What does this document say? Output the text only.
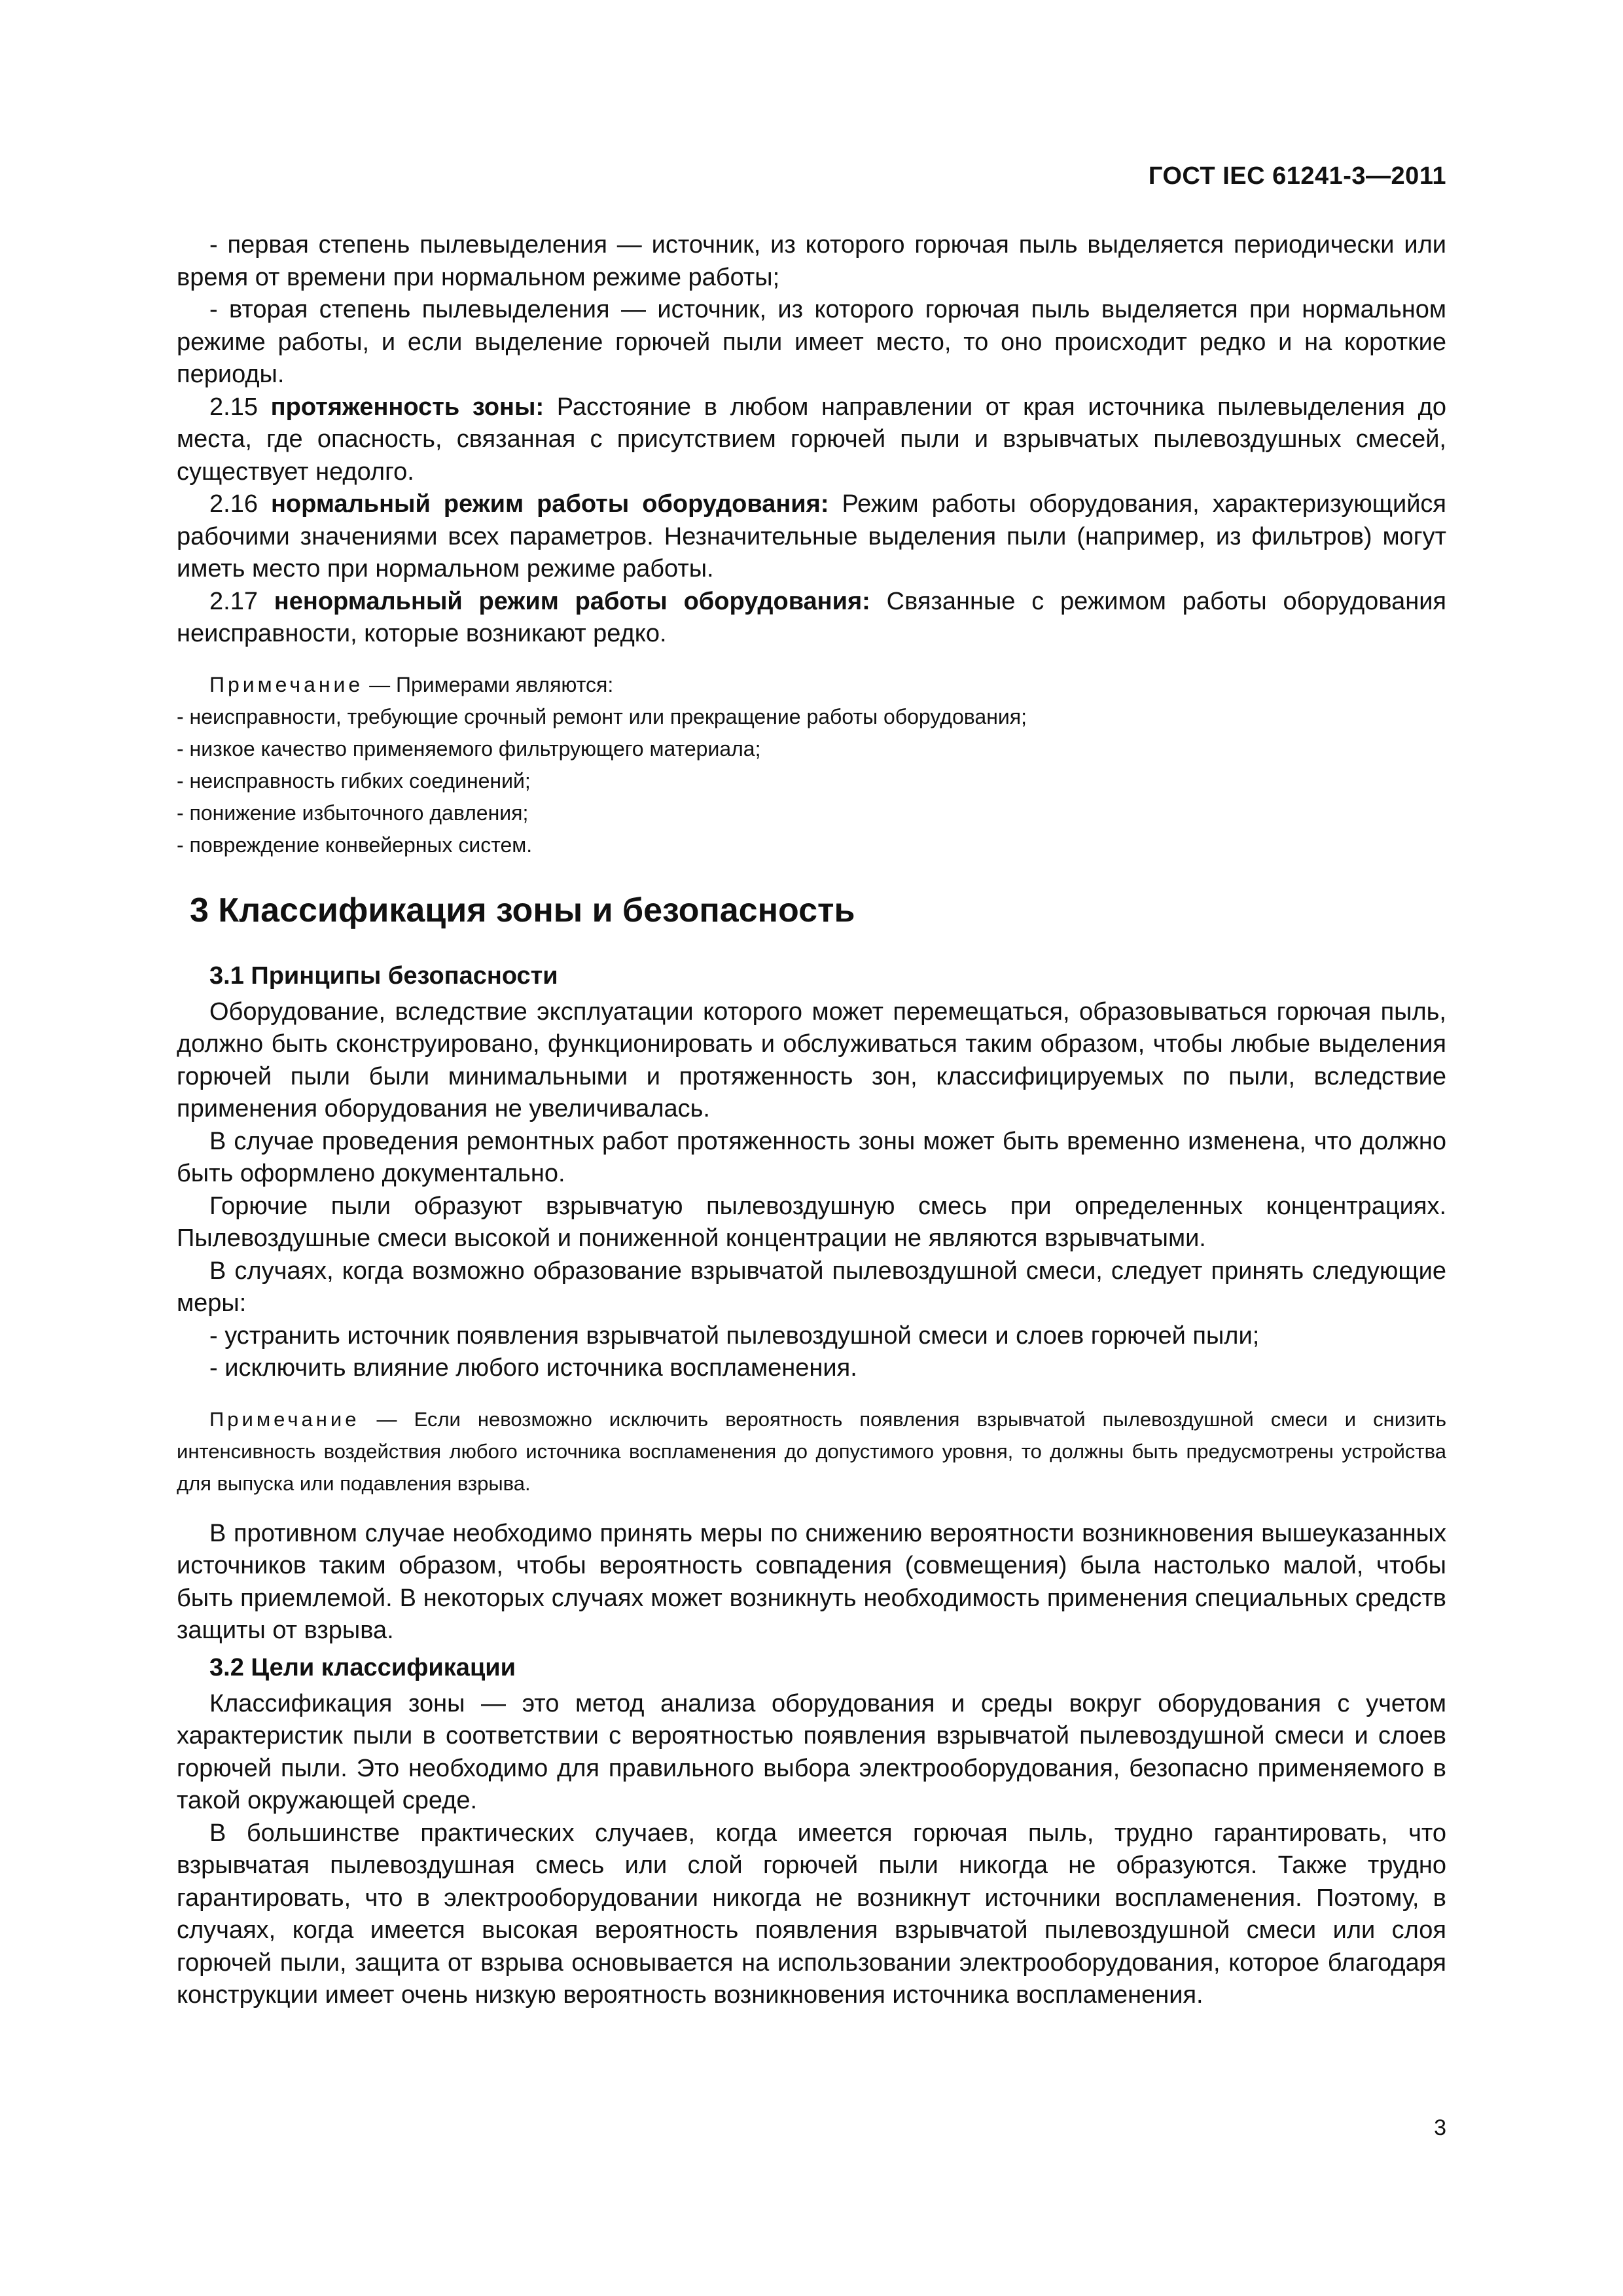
ГОСТ IEC 61241-3—2011

- первая степень пылевыделения — источник, из которого горючая пыль выделяется периодически или время от времени при нормальном режиме работы;

- вторая степень пылевыделения — источник, из которого горючая пыль выделяется при нормальном режиме работы, и если выделение горючей пыли имеет место, то оно происходит редко и на короткие периоды.

2.15 протяженность зоны: Расстояние в любом направлении от края источника пылевыделения до места, где опасность, связанная с присутствием горючей пыли и взрывчатых пылевоздушных смесей, существует недолго.

2.16 нормальный режим работы оборудования: Режим работы оборудования, характеризующийся рабочими значениями всех параметров. Незначительные выделения пыли (например, из фильтров) могут иметь место при нормальном режиме работы.

2.17 ненормальный режим работы оборудования: Связанные с режимом работы оборудования неисправности, которые возникают редко.

Примечание — Примерами являются:

- неисправности, требующие срочный ремонт или прекращение работы оборудования;

- низкое качество применяемого фильтрующего материала;

- неисправность гибких соединений;

- понижение избыточного давления;

- повреждение конвейерных систем.

3 Классификация зоны и безопасность
3.1 Принципы безопасности

Оборудование, вследствие эксплуатации которого может перемещаться, образовываться горючая пыль, должно быть сконструировано, функционировать и обслуживаться таким образом, чтобы любые выделения горючей пыли были минимальными и протяженность зон, классифицируемых по пыли, вследствие применения оборудования не увеличивалась.

В случае проведения ремонтных работ протяженность зоны может быть временно изменена, что должно быть оформлено документально.

Горючие пыли образуют взрывчатую пылевоздушную смесь при определенных концентрациях. Пылевоздушные смеси высокой и пониженной концентрации не являются взрывчатыми.

В случаях, когда возможно образование взрывчатой пылевоздушной смеси, следует принять следующие меры:

- устранить источник появления взрывчатой пылевоздушной смеси и слоев горючей пыли;

- исключить влияние любого источника воспламенения.

Примечание — Если невозможно исключить вероятность появления взрывчатой пылевоздушной смеси и снизить интенсивность воздействия любого источника воспламенения до допустимого уровня, то должны быть предусмотрены устройства для выпуска или подавления взрыва.

В противном случае необходимо принять меры по снижению вероятности возникновения вышеуказанных источников таким образом, чтобы вероятность совпадения (совмещения) была настолько малой, чтобы быть приемлемой. В некоторых случаях может возникнуть необходимость применения специальных средств защиты от взрыва.

3.2 Цели классификации

Классификация зоны — это метод анализа оборудования и среды вокруг оборудования с учетом характеристик пыли в соответствии с вероятностью появления взрывчатой пылевоздушной смеси и слоев горючей пыли. Это необходимо для правильного выбора электрооборудования, безопасно применяемого в такой окружающей среде.

В большинстве практических случаев, когда имеется горючая пыль, трудно гарантировать, что взрывчатая пылевоздушная смесь или слой горючей пыли никогда не образуются. Также трудно гарантировать, что в электрооборудовании никогда не возникнут источники воспламенения. Поэтому, в случаях, когда имеется высокая вероятность появления взрывчатой пылевоздушной смеси или слоя горючей пыли, защита от взрыва основывается на использовании электрооборудования, которое благодаря конструкции имеет очень низкую вероятность возникновения источника воспламенения.

3
